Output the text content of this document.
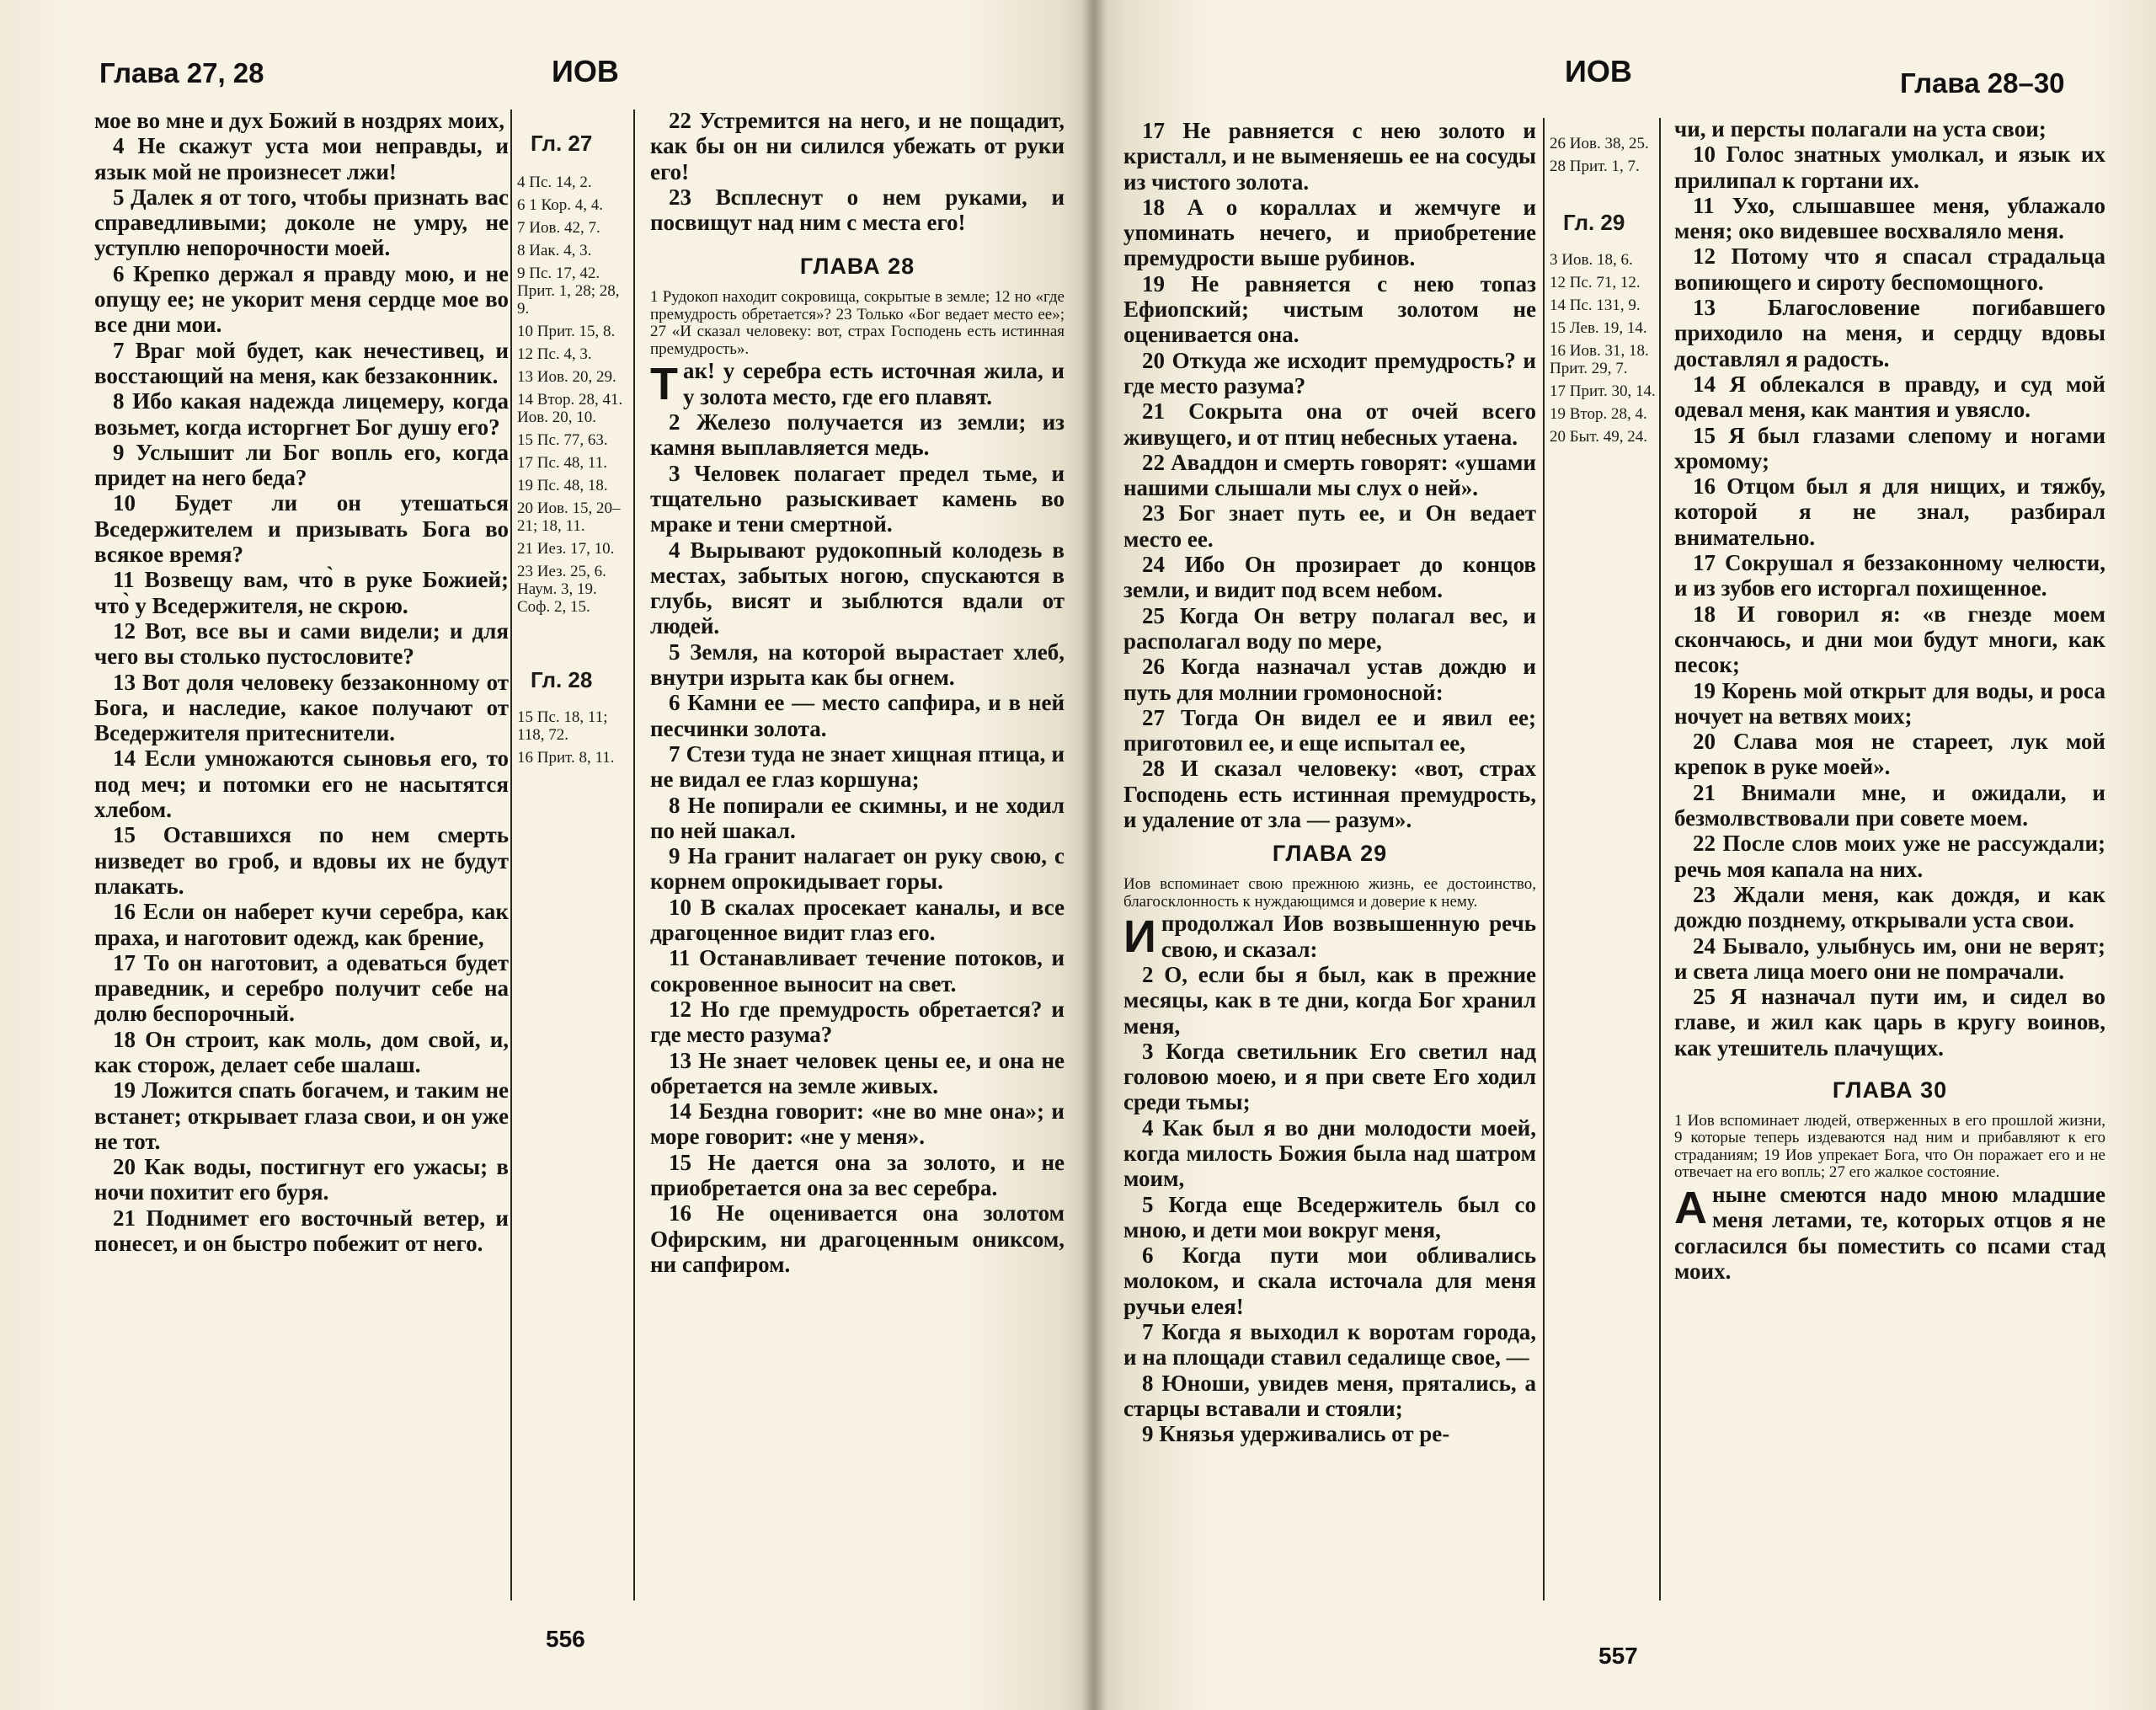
Глава 27, 28	ИОВ

мое во мне и дух Божий в ноздрях моих,

4 Не скажут уста мои неправды, и язык мой не произнесет лжи!

5 Далек я от того, чтобы признать вас справедливыми; доколе не умру, не уступлю непорочности моей.

6 Крепко держал я правду мою, и не опущу ее; не укорит меня сердце мое во все дни мои.

7 Враг мой будет, как нечестивец, и восстающий на меня, как беззаконник.

8 Ибо какая надежда лицемеру, когда возьмет, когда исторгнет Бог душу его?

9 Услышит ли Бог вопль его, когда придет на него беда?

10 Будет ли он утешаться Вседержителем и призывать Бога во всякое время?

11 Возвещу вам, что̀ в руке Божией; что̀ у Вседержителя, не скрою.

12 Вот, все вы и сами видели; и для чего вы столько пустословите?

13 Вот доля человеку беззаконному от Бога, и наследие, какое получают от Вседержителя притеснители.

14 Если умножаются сыновья его, то под меч; и потомки его не насытятся хлебом.

15 Оставшихся по нем смерть низведет во гроб, и вдовы их не будут плакать.

16 Если он наберет кучи серебра, как праха, и наготовит одежд, как брение,

17 То он наготовит, а одеваться будет праведник, и серебро получит себе на долю беспорочный.

18 Он строит, как моль, дом свой, и, как сторож, делает себе шалаш.

19 Ложится спать богачем, и таким не встанет; открывает глаза свои, и он уже не тот.

20 Как воды, постигнут его ужасы; в ночи похитит его буря.

21 Поднимет его восточный ветер, и понесет, и он быстро побежит от него.

Гл. 27
4 Пс. 14, 2.
6 1 Кор. 4, 4.
7 Иов. 42, 7.
8 Иак. 4, 3.
9 Пс. 17, 42. Прит. 1, 28; 28, 9.
10 Прит. 15, 8.
12 Пс. 4, 3.
13 Иов. 20, 29.
14 Втор. 28, 41. Иов. 20, 10.
15 Пс. 77, 63.
17 Пс. 48, 11.
19 Пс. 48, 18.
20 Иов. 15, 20–21; 18, 11.
21 Иез. 17, 10.
23 Иез. 25, 6. Наум. 3, 19. Соф. 2, 15.
Гл. 28
15 Пс. 18, 11; 118, 72.
16 Прит. 8, 11.

22 Устремится на него, и не пощадит, как бы он ни силился убежать от руки его!

23 Всплеснут о нем руками, и посвищут над ним с места его!

ГЛАВА 28

1 Рудокоп находит сокровища, сокрытые в земле; 12 но «где премудрость обретается»? 23 Только «Бог ведает место ее»; 27 «И сказал человеку: вот, страх Господень есть истинная премудрость».

Так! у серебра есть источная жила, и у золота место, где его плавят.

2 Железо получается из земли; из камня выплавляется медь.

3 Человек полагает предел тьме, и тщательно разыскивает камень во мраке и тени смертной.

4 Вырывают рудокопный колодезь в местах, забытых ногою, спускаются в глубь, висят и зыблются вдали от людей.

5 Земля, на которой вырастает хлеб, внутри изрыта как бы огнем.

6 Камни ее — место сапфира, и в ней песчинки золота.

7 Стези туда не знает хищная птица, и не видал ее глаз коршуна;

8 Не попирали ее скимны, и не ходил по ней шакал.

9 На гранит налагает он руку свою, с корнем опрокидывает горы.

10 В скалах просекает каналы, и все драгоценное видит глаз его.

11 Останавливает течение потоков, и сокровенное выносит на свет.

12 Но где премудрость обретается? и где место разума?

13 Не знает человек цены ее, и она не обретается на земле живых.

14 Бездна говорит: «не во мне она»; и море говорит: «не у меня».

15 Не дается она за золото, и не приобретается она за вес серебра.

16 Не оценивается она золотом Офирским, ни драгоценным ониксом, ни сапфиром.

556
ИОВ	Глава 28–30

17 Не равняется с нею золото и кристалл, и не выменяешь ее на сосуды из чистого золота.

18 А о кораллах и жемчуге и упоминать нечего, и приобретение премудрости выше рубинов.

19 Не равняется с нею топаз Ефиопский; чистым золотом не оценивается она.

20 Откуда же исходит премудрость? и где место разума?

21 Сокрыта она от очей всего живущего, и от птиц небесных утаена.

22 Аваддон и смерть говорят: «ушами нашими слышали мы слух о ней».

23 Бог знает путь ее, и Он ведает место ее.

24 Ибо Он прозирает до концов земли, и видит под всем небом.

25 Когда Он ветру полагал вес, и располагал воду по мере,

26 Когда назначал устав дождю и путь для молнии громоносной:

27 Тогда Он видел ее и явил ее; приготовил ее, и еще испытал ее,

28 И сказал человеку: «вот, страх Господень есть истинная премудрость, и удаление от зла — разум».

ГЛАВА 29

Иов вспоминает свою прежнюю жизнь, ее достоинство, благосклонность к нуждающимся и доверие к нему.

Ипродолжал Иов возвышенную речь свою, и сказал:

2 О, если бы я был, как в прежние месяцы, как в те дни, когда Бог хранил меня,

3 Когда светильник Его светил над головою моею, и я при свете Его ходил среди тьмы;

4 Как был я во дни молодости моей, когда милость Божия была над шатром моим,

5 Когда еще Вседержитель был со мною, и дети мои вокруг меня,

6 Когда пути мои обливались молоком, и скала источала для меня ручьи елея!

7 Когда я выходил к воротам города, и на площади ставил седалище свое, —

8 Юноши, увидев меня, прятались, а старцы вставали и стояли;

9 Князья удерживались от ре-

26 Иов. 38, 25.
28 Прит. 1, 7.
Гл. 29
3 Иов. 18, 6.
12 Пс. 71, 12.
14 Пс. 131, 9.
15 Лев. 19, 14.
16 Иов. 31, 18. Прит. 29, 7.
17 Прит. 30, 14.
19 Втор. 28, 4.
20 Быт. 49, 24.

чи, и персты полагали на уста свои;

10 Голос знатных умолкал, и язык их прилипал к гортани их.

11 Ухо, слышавшее меня, ублажало меня; око видевшее восхваляло меня.

12 Потому что я спасал страдальца вопиющего и сироту беспомощного.

13 Благословение погибавшего приходило на меня, и сердцу вдовы доставлял я радость.

14 Я облекался в правду, и суд мой одевал меня, как мантия и увясло.

15 Я был глазами слепому и ногами хромому;

16 Отцом был я для нищих, и тяжбу, которой я не знал, разбирал внимательно.

17 Сокрушал я беззаконному челюсти, и из зубов его исторгал похищенное.

18 И говорил я: «в гнезде моем скончаюсь, и дни мои будут многи, как песок;

19 Корень мой открыт для воды, и роса ночует на ветвях моих;

20 Слава моя не стареет, лук мой крепок в руке моей».

21 Внимали мне, и ожидали, и безмолвствовали при совете моем.

22 После слов моих уже не рассуждали; речь моя капала на них.

23 Ждали меня, как дождя, и как дождю позднему, открывали уста свои.

24 Бывало, улыбнусь им, они не верят; и света лица моего они не помрачали.

25 Я назначал пути им, и сидел во главе, и жил как царь в кругу воинов, как утешитель плачущих.

ГЛАВА 30

1 Иов вспоминает людей, отверженных в его прошлой жизни, 9 которые теперь издеваются над ним и прибавляют к его страданиям; 19 Иов упрекает Бога, что Он поражает его и не отвечает на его вопль; 27 его жалкое состояние.

Аныне смеются надо мною младшие меня летами, те, которых отцов я не согласился бы поместить со псами стад моих.

557
